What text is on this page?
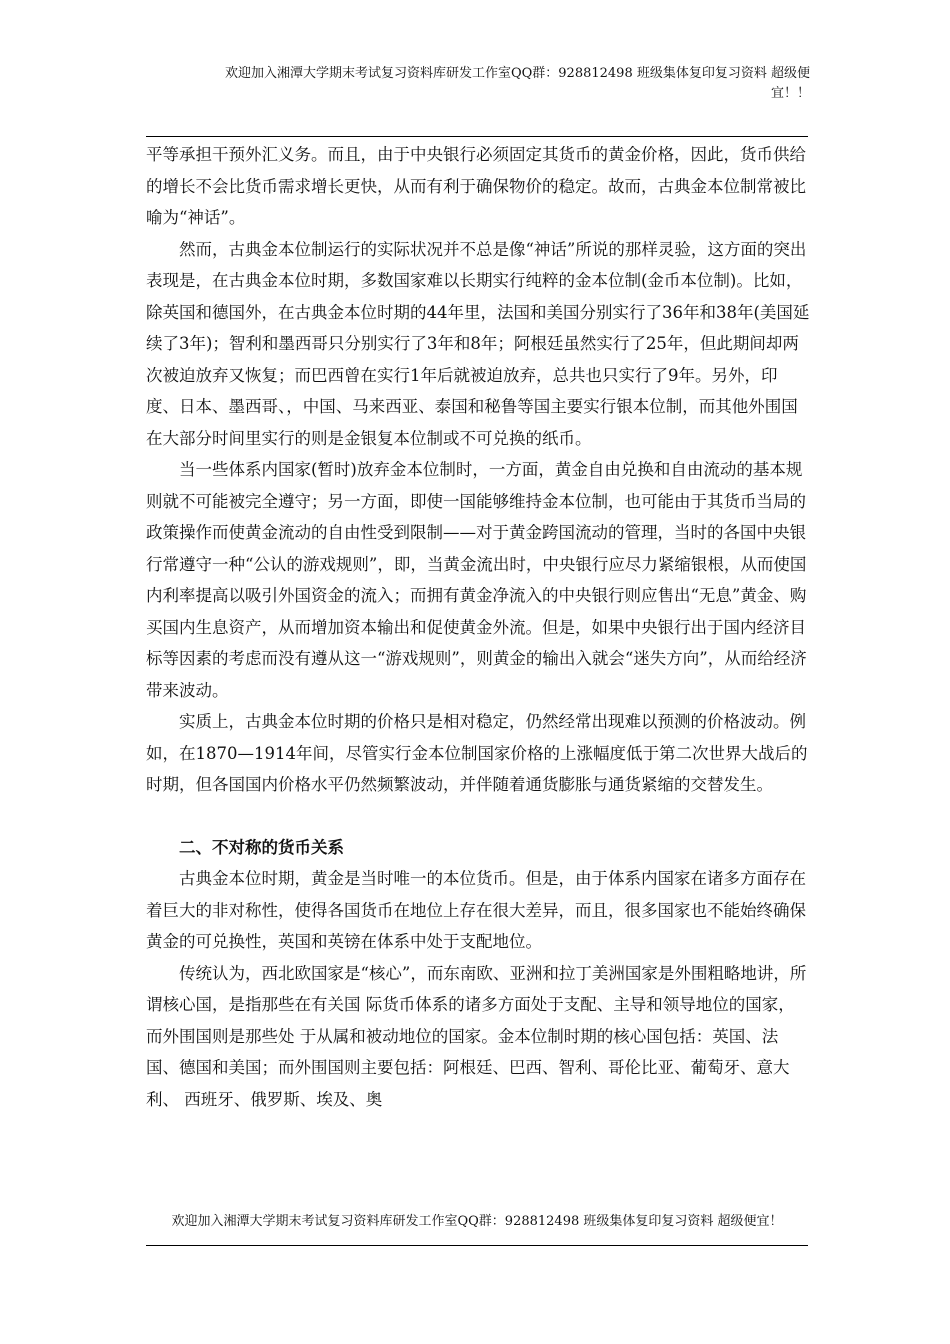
欢迎加入湘潭大学期末考试复习资料库研发工作室QQ群：928812498 班级集体复印复习资料 超级便
宜！！

平等承担干预外汇义务。而且，由于中央银行必须固定其货币的黄金价格，因此，货币供给的增长不会比货币需求增长更快，从而有利于确保物价的稳定。故而，古典金本位制常被比喻为“神话”。

然而，古典金本位制运行的实际状况并不总是像“神话”所说的那样灵验，这方面的突出表现是，在古典金本位时期，多数国家难以长期实行纯粹的金本位制(金币本位制)。比如，除英国和德国外，在古典金本位时期的44年里，法国和美国分别实行了36年和38年(美国延续了3年)；智利和墨西哥只分别实行了3年和8年；阿根廷虽然实行了25年，但此期间却两次被迫放弃又恢复；而巴西曾在实行1年后就被迫放弃，总共也只实行了9年。另外，印度、日本、墨西哥、，中国、马来西亚、泰国和秘鲁等国主要实行银本位制，而其他外围国在大部分时间里实行的则是金银复本位制或不可兑换的纸币。

当一些体系内国家(暂时)放弃金本位制时，一方面，黄金自由兑换和自由流动的基本规则就不可能被完全遵守；另一方面，即使一国能够维持金本位制，也可能由于其货币当局的政策操作而使黄金流动的自由性受到限制——对于黄金跨国流动的管理，当时的各国中央银行常遵守一种“公认的游戏规则”，即，当黄金流出时，中央银行应尽力紧缩银根，从而使国内利率提高以吸引外国资金的流入；而拥有黄金净流入的中央银行则应售出“无息”黄金、购买国内生息资产，从而增加资本输出和促使黄金外流。但是，如果中央银行出于国内经济目标等因素的考虑而没有遵从这一“游戏规则”，则黄金的输出入就会“迷失方向”，从而给经济带来波动。

实质上，古典金本位时期的价格只是相对稳定，仍然经常出现难以预测的价格波动。例如，在1870—1914年间，尽管实行金本位制国家价格的上涨幅度低于第二次世界大战后的时期，但各国国内价格水平仍然频繁波动，并伴随着通货膨胀与通货紧缩的交替发生。

二、不对称的货币关系

古典金本位时期，黄金是当时唯一的本位货币。但是，由于体系内国家在诸多方面存在着巨大的非对称性，使得各国货币在地位上存在很大差异，而且，很多国家也不能始终确保黄金的可兑换性，英国和英镑在体系中处于支配地位。

传统认为，西北欧国家是“核心”，而东南欧、亚洲和拉丁美洲国家是外围粗略地讲，所谓核心国，是指那些在有关国 际货币体系的诸多方面处于支配、主导和领导地位的国家，而外围国则是那些处 于从属和被动地位的国家。金本位制时期的核心国包括：英国、法国、德国和美国；而外围国则主要包括：阿根廷、巴西、智利、哥伦比亚、葡萄牙、意大利、 西班牙、俄罗斯、埃及、奥

欢迎加入湘潭大学期末考试复习资料库研发工作室QQ群：928812498 班级集体复印复习资料 超级便宜！
